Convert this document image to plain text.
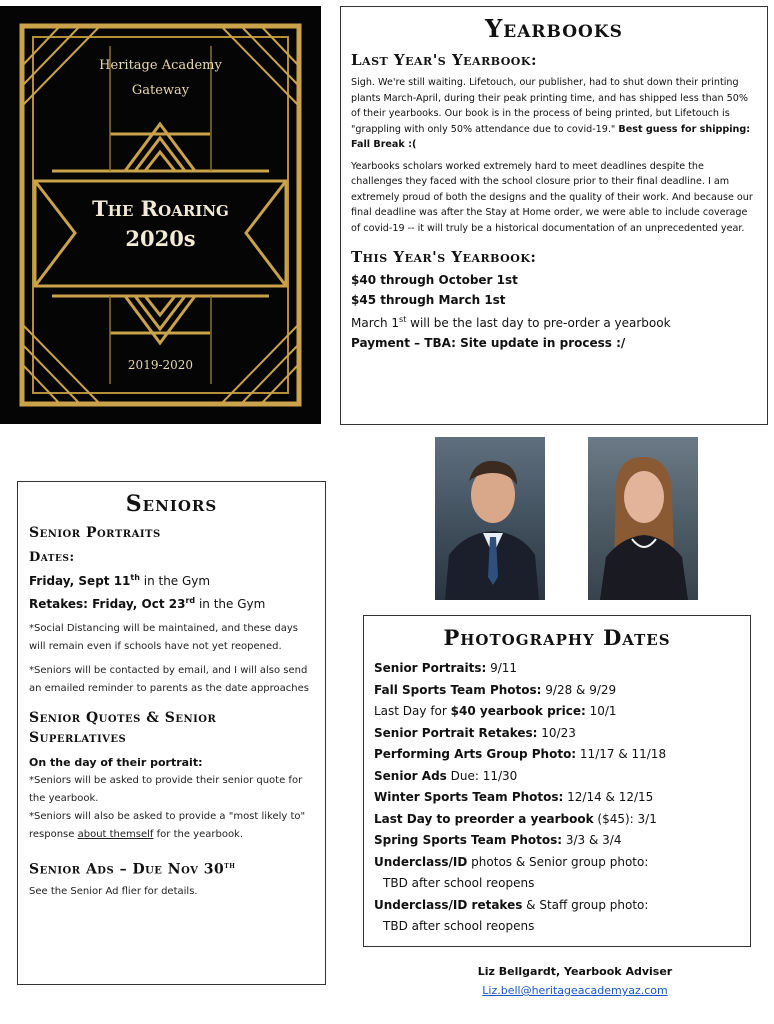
Heritage Academy
Gateway
The Roaring
2020s
2019-2020
Yearbooks
Last Year's Yearbook:

Sigh. We're still waiting. Lifetouch, our publisher, had to shut down their printing plants March-April, during their peak printing time, and has shipped less than 50% of their yearbooks. Our book is in the process of being printed, but Lifetouch is "grappling with only 50% attendance due to covid-19." Best guess for shipping: Fall Break :(

Yearbooks scholars worked extremely hard to meet deadlines despite the challenges they faced with the school closure prior to their final deadline. I am extremely proud of both the designs and the quality of their work. And because our final deadline was after the Stay at Home order, we were able to include coverage of covid-19 -- it will truly be a historical documentation of an unprecedented year.

This Year's Yearbook:
$40 through October 1st
$45 through March 1st
March 1st will be the last day to pre-order a yearbook
Payment – TBA: Site update in process :/
Seniors
Senior Portraits
Dates:
Friday, Sept 11th in the Gym
Retakes: Friday, Oct 23rd in the Gym

*Social Distancing will be maintained, and these days will remain even if schools have not yet reopened.

*Seniors will be contacted by email, and I will also send an emailed reminder to parents as the date approaches

Senior Quotes & Senior Superlatives
On the day of their portrait:

*Seniors will be asked to provide their senior quote for the yearbook.

*Seniors will also be asked to provide a "most likely to" response about themself for the yearbook.

Senior Ads – Due Nov 30th

See the Senior Ad flier for details.

Photography Dates
Senior Portraits: 9/11
Fall Sports Team Photos: 9/28 & 9/29
Last Day for $40 yearbook price: 10/1
Senior Portrait Retakes: 10/23
Performing Arts Group Photo: 11/17 & 11/18
Senior Ads Due: 11/30
Winter Sports Team Photos: 12/14 & 12/15
Last Day to preorder a yearbook ($45): 3/1
Spring Sports Team Photos: 3/3 & 3/4
Underclass/ID photos & Senior group photo:
TBD after school reopens
Underclass/ID retakes & Staff group photo:
TBD after school reopens
Liz Bellgardt, Yearbook Adviser
Liz.bell@heritageacademyaz.com
